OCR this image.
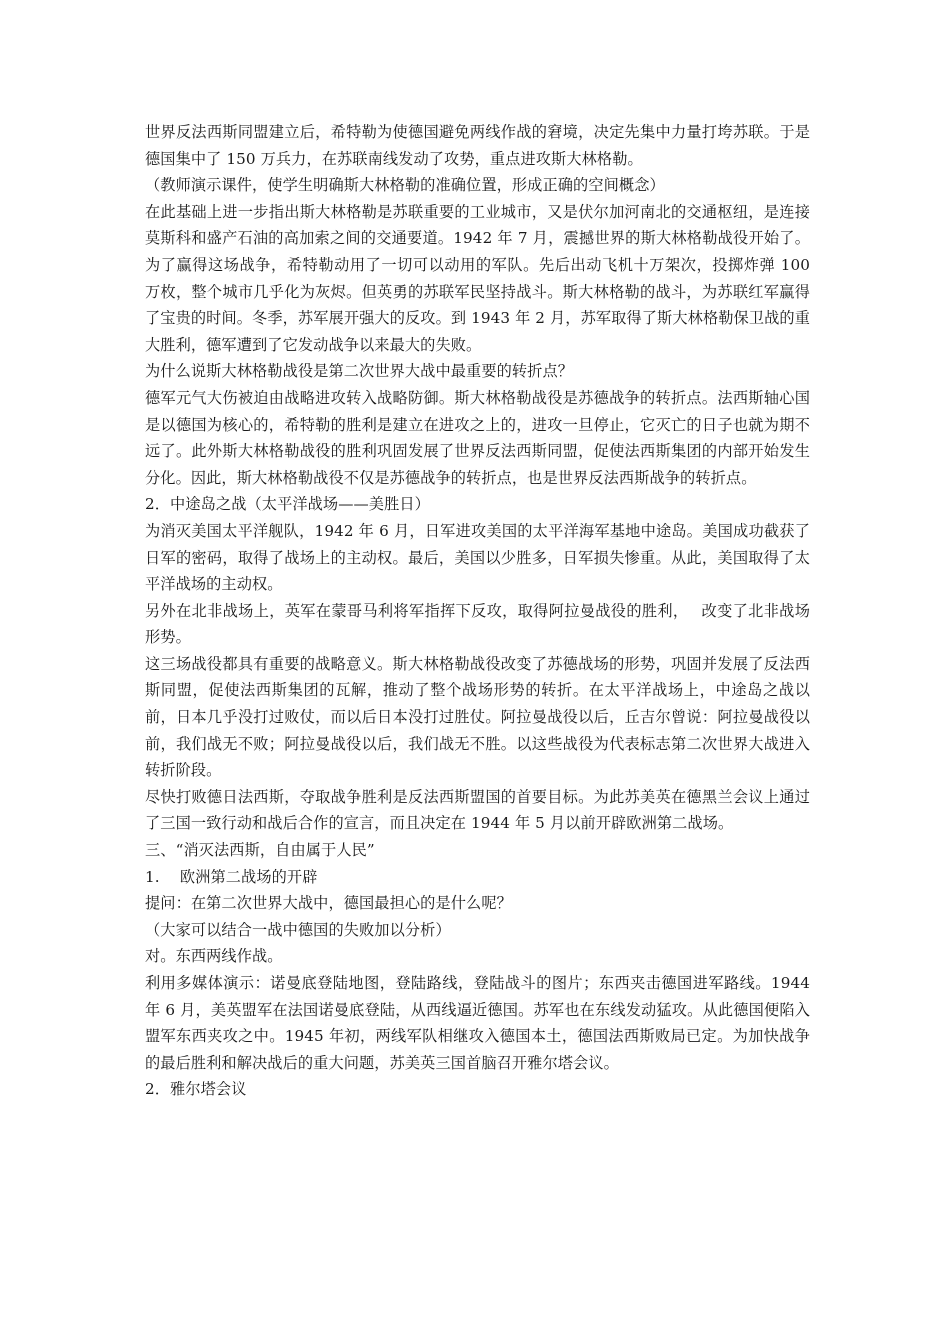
世界反法西斯同盟建立后，希特勒为使德国避免两线作战的窘境，决定先集中力量打垮苏联。于是德国集中了 150 万兵力，在苏联南线发动了攻势，重点进攻斯大林格勒。

（教师演示课件，使学生明确斯大林格勒的准确位置，形成正确的空间概念）

在此基础上进一步指出斯大林格勒是苏联重要的工业城市，又是伏尔加河南北的交通枢纽，是连接莫斯科和盛产石油的高加索之间的交通要道。1942 年 7 月，震撼世界的斯大林格勒战役开始了。为了赢得这场战争，希特勒动用了一切可以动用的军队。先后出动飞机十万架次，投掷炸弹 100 万枚，整个城市几乎化为灰烬。但英勇的苏联军民坚持战斗。斯大林格勒的战斗，为苏联红军赢得了宝贵的时间。冬季，苏军展开强大的反攻。到 1943 年 2 月，苏军取得了斯大林格勒保卫战的重大胜利，德军遭到了它发动战争以来最大的失败。

为什么说斯大林格勒战役是第二次世界大战中最重要的转折点？

德军元气大伤被迫由战略进攻转入战略防御。斯大林格勒战役是苏德战争的转折点。法西斯轴心国是以德国为核心的，希特勒的胜利是建立在进攻之上的，进攻一旦停止，它灭亡的日子也就为期不远了。此外斯大林格勒战役的胜利巩固发展了世界反法西斯同盟，促使法西斯集团的内部开始发生分化。因此，斯大林格勒战役不仅是苏德战争的转折点，也是世界反法西斯战争的转折点。

2．中途岛之战（太平洋战场——美胜日）

为消灭美国太平洋舰队，1942 年 6 月，日军进攻美国的太平洋海军基地中途岛。美国成功截获了日军的密码，取得了战场上的主动权。最后，美国以少胜多，日军损失惨重。从此，美国取得了太平洋战场的主动权。

另外在北非战场上，英军在蒙哥马利将军指挥下反攻，取得阿拉曼战役的胜利，　 改变了北非战场形势。

这三场战役都具有重要的战略意义。斯大林格勒战役改变了苏德战场的形势，巩固并发展了反法西斯同盟，促使法西斯集团的瓦解，推动了整个战场形势的转折。在太平洋战场上，中途岛之战以前，日本几乎没打过败仗，而以后日本没打过胜仗。阿拉曼战役以后，丘吉尔曾说：阿拉曼战役以前，我们战无不败；阿拉曼战役以后，我们战无不胜。以这些战役为代表标志第二次世界大战进入转折阶段。

尽快打败德日法西斯，夺取战争胜利是反法西斯盟国的首要目标。为此苏美英在德黑兰会议上通过了三国一致行动和战后合作的宣言，而且决定在 1944 年 5 月以前开辟欧洲第二战场。

三、“消灭法西斯，自由属于人民”

1.　 欧洲第二战场的开辟

提问：在第二次世界大战中，德国最担心的是什么呢？

（大家可以结合一战中德国的失败加以分析）

对。东西两线作战。

利用多媒体演示：诺曼底登陆地图，登陆路线，登陆战斗的图片；东西夹击德国进军路线。1944 年 6 月，美英盟军在法国诺曼底登陆，从西线逼近德国。苏军也在东线发动猛攻。从此德国便陷入盟军东西夹攻之中。1945 年初，两线军队相继攻入德国本土，德国法西斯败局已定。为加快战争的最后胜利和解决战后的重大问题，苏美英三国首脑召开雅尔塔会议。

2．雅尔塔会议
